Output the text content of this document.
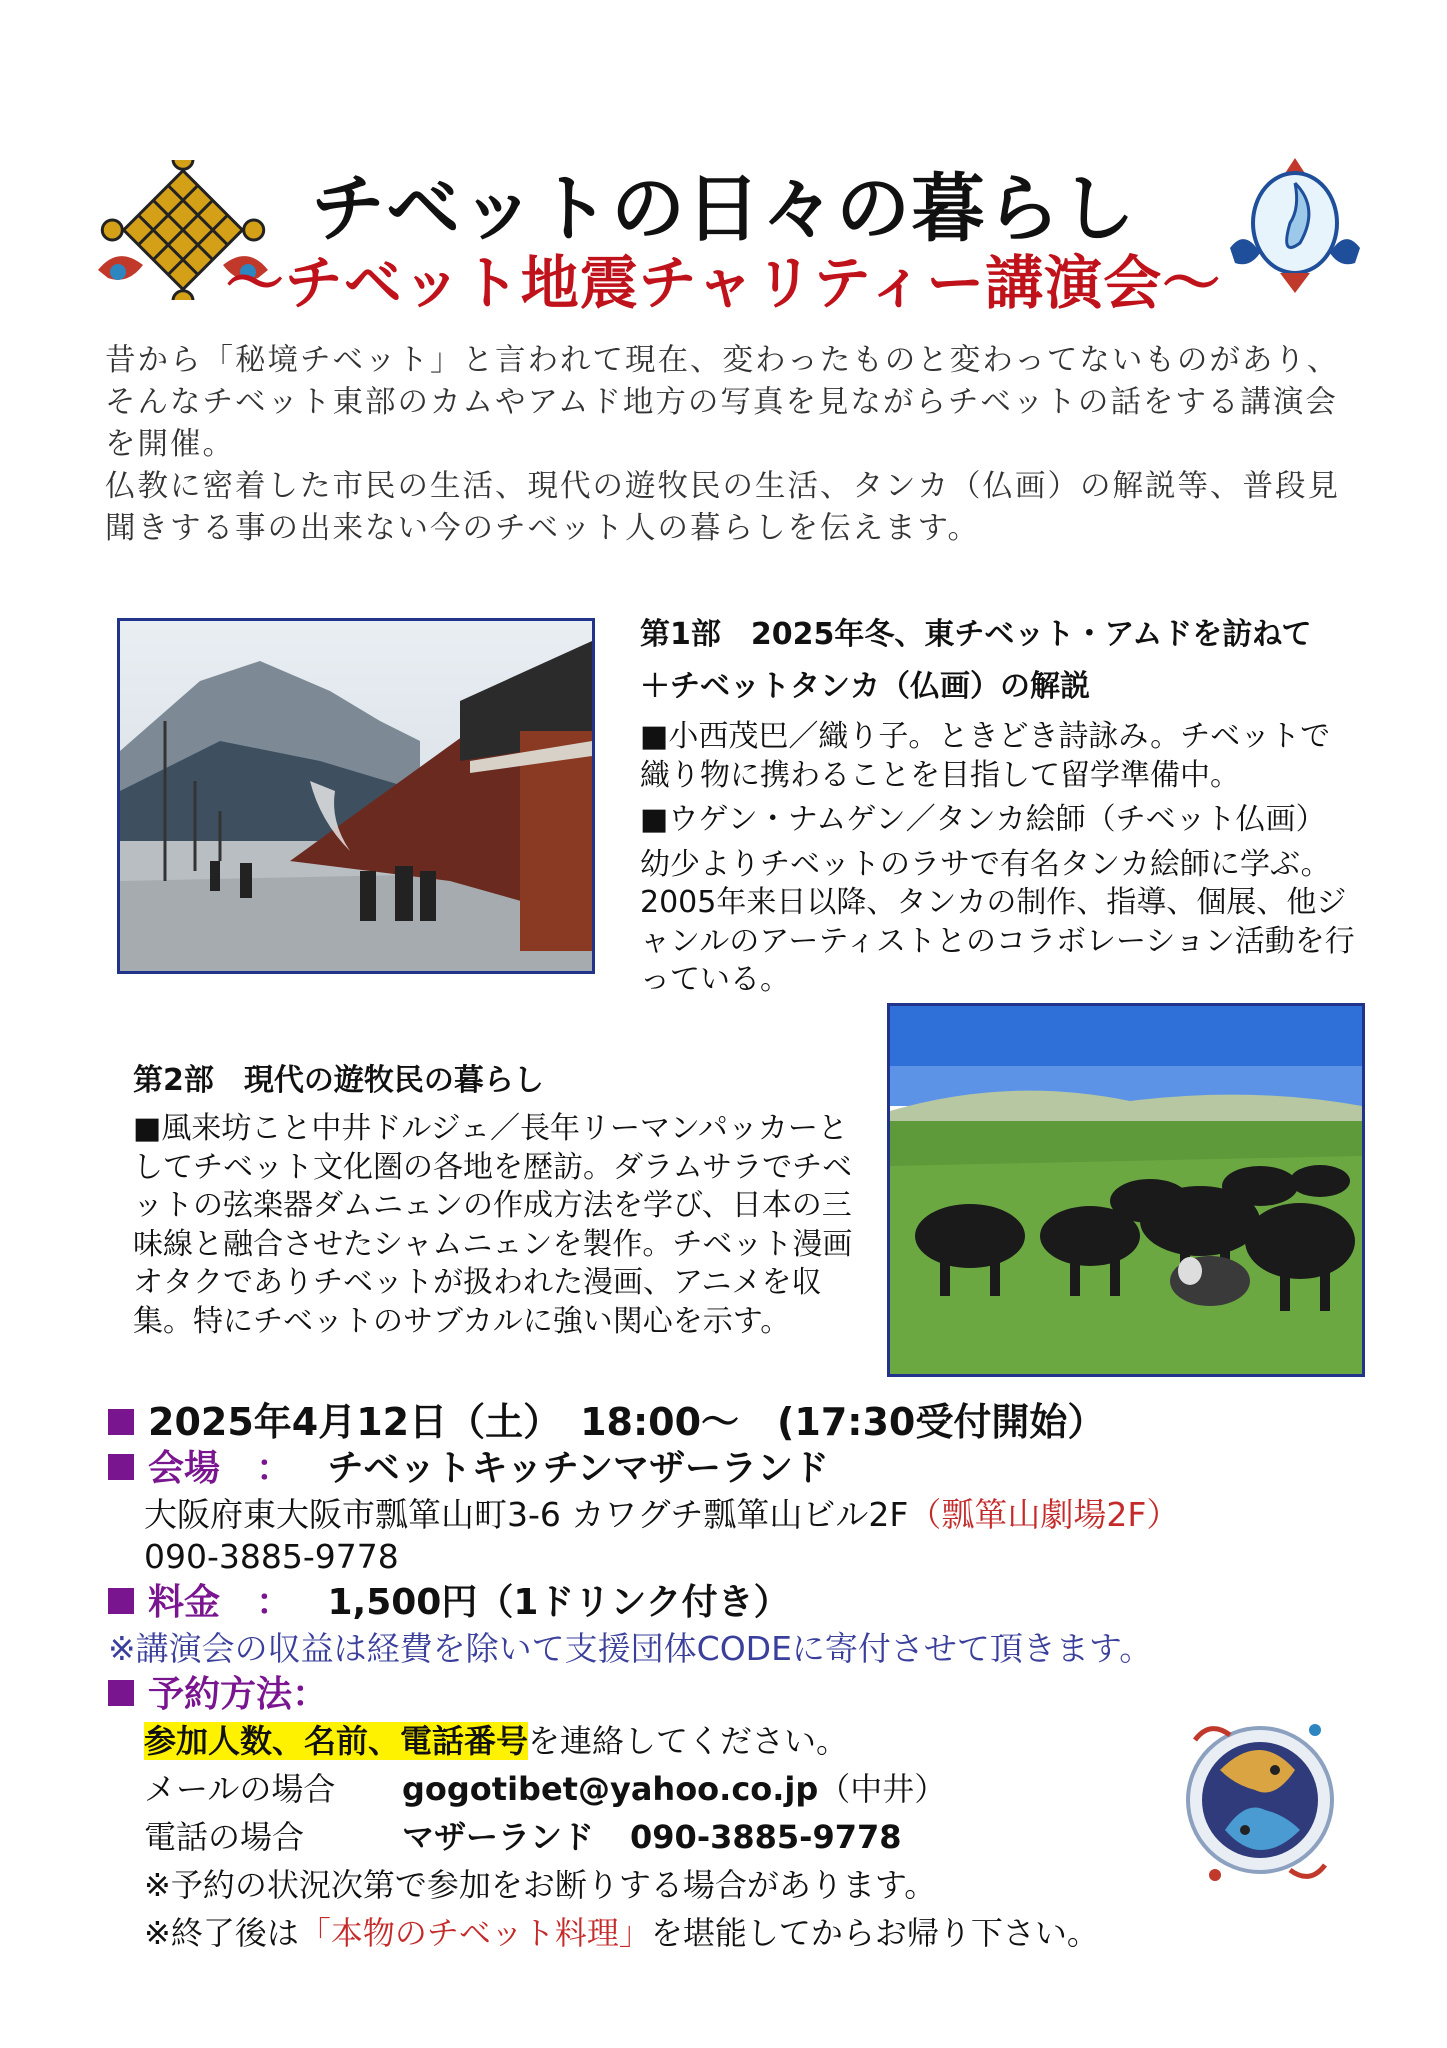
チベットの日々の暮らし
～チベット地震チャリティー講演会～

昔から「秘境チベット」と言われて現在、変わったものと変わってないものがあり、そんなチベット東部のカムやアムド地方の写真を見ながらチベットの話をする講演会を開催。

仏教に密着した市民の生活、現代の遊牧民の生活、タンカ（仏画）の解説等、普段見聞きする事の出来ない今のチベット人の暮らしを伝えます。

第1部　2025年冬、東チベット・アムドを訪ねて
＋チベットタンカ（仏画）の解説

■小西茂巴／織り子。ときどき詩詠み。チベットで織り物に携わることを目指して留学準備中。

■ウゲン・ナムゲン／タンカ絵師（チベット仏画）

幼少よりチベットのラサで有名タンカ絵師に学ぶ。2005年来日以降、タンカの制作、指導、個展、他ジャンルのアーティストとのコラボレーション活動を行っている。

第2部　現代の遊牧民の暮らし

■風来坊こと中井ドルジェ／長年リーマンパッカーとしてチベット文化圏の各地を歴訪。ダラムサラでチベットの弦楽器ダムニェンの作成方法を学び、日本の三味線と融合させたシャムニェンを製作。チベット漫画オタクでありチベットが扱われた漫画、アニメを収集。特にチベットのサブカルに強い関心を示す。

2025年4月12日（土）　18:00～　(17:30受付開始）
会場　： チベットキッチンマザーランド
大阪府東大阪市瓢箪山町3-6 カワグチ瓢箪山ビル2F（瓢箪山劇場2F）
090-3885-9778
料金　： 1,500円（1ドリンク付き）
※講演会の収益は経費を除いて支援団体CODEに寄付させて頂きます。
予約方法：
参加人数、名前、電話番号を連絡してください。
メールの場合 gogotibet@yahoo.co.jp（中井）
電話の場合	マザーランド 090-3885-9778
※予約の状況次第で参加をお断りする場合があります。
※終了後は「本物のチベット料理」を堪能してからお帰り下さい。
